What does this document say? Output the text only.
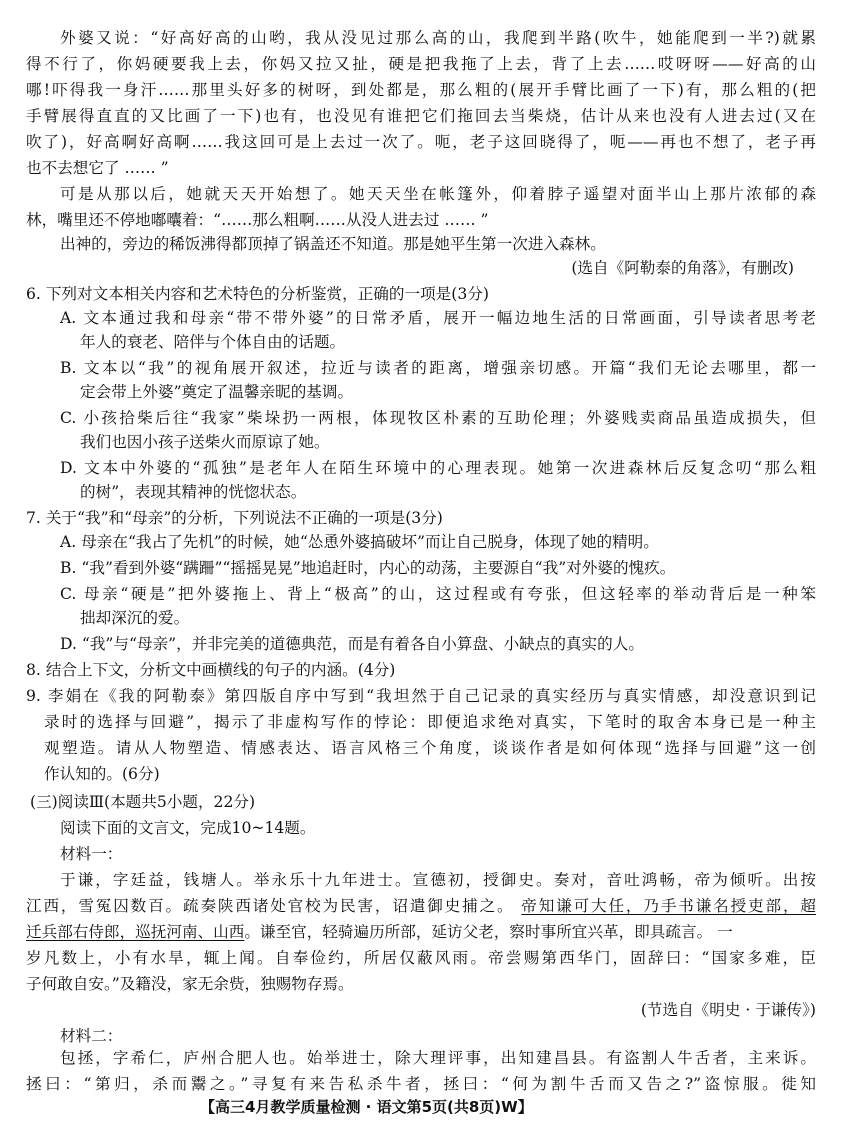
外婆又说：“好高好高的山哟，我从没见过那么高的山，我爬到半路(吹牛，她能爬到一半?)就累
得不行了，你妈硬要我上去，你妈又拉又扯，硬是把我拖了上去，背了上去……哎呀呀——好高的山
哪!吓得我一身汗……那里头好多的树呀，到处都是，那么粗的(展开手臂比画了一下)有，那么粗的(把
手臂展得直直的又比画了一下)也有，也没见有谁把它们拖回去当柴烧，估计从来也没有人进去过(又在
吹了)，好高啊好高啊……我这回可是上去过一次了。呃，老子这回晓得了，呃——再也不想了，老子再
也不去想它了 …… ”
可是从那以后，她就天天开始想了。她天天坐在帐篷外，仰着脖子遥望对面半山上那片浓郁的森
林，嘴里还不停地嘟囔着：“……那么粗啊……从没人进去过 …… ”
出神的，旁边的稀饭沸得都顶掉了锅盖还不知道。那是她平生第一次进入森林。
(选自《阿勒泰的角落》，有删改)
6. 下列对文本相关内容和艺术特色的分析鉴赏，正确的一项是(3分)
A. 文本通过我和母亲“带不带外婆”的日常矛盾，展开一幅边地生活的日常画面，引导读者思考老
年人的衰老、陪伴与个体自由的话题。
B. 文本以“我”的视角展开叙述，拉近与读者的距离，增强亲切感。开篇“我们无论去哪里，都一
定会带上外婆”奠定了温馨亲昵的基调。
C. 小孩拾柴后往“我家”柴垛扔一两根，体现牧区朴素的互助伦理；外婆贱卖商品虽造成损失，但
我们也因小孩子送柴火而原谅了她。
D. 文本中外婆的“孤独”是老年人在陌生环境中的心理表现。她第一次进森林后反复念叨“那么粗
的树”，表现其精神的恍惚状态。
7. 关于“我”和“母亲”的分析，下列说法不正确的一项是(3分)
A. 母亲在“我占了先机”的时候，她“怂恿外婆搞破坏”而让自己脱身，体现了她的精明。
B. “我”看到外婆“蹒跚”“摇摇晃晃”地追赶时，内心的动荡，主要源自“我”对外婆的愧疚。
C. 母亲“硬是”把外婆拖上、背上“极高”的山，这过程或有夸张，但这轻率的举动背后是一种笨
拙却深沉的爱。
D. “我”与“母亲”，并非完美的道德典范，而是有着各自小算盘、小缺点的真实的人。
8. 结合上下文，分析文中画横线的句子的内涵。(4分)
9. 李娟在《我的阿勒泰》第四版自序中写到“我坦然于自己记录的真实经历与真实情感，却没意识到记
录时的选择与回避”，揭示了非虚构写作的悖论：即便追求绝对真实，下笔时的取舍本身已是一种主
观塑造。请从人物塑造、情感表达、语言风格三个角度，谈谈作者是如何体现“选择与回避”这一创
作认知的。(6分)
(三)阅读Ⅲ(本题共5小题，22分)
阅读下面的文言文，完成10~14题。
材料一：
于谦，字廷益，钱塘人。举永乐十九年进士。宣德初，授御史。奏对，音吐鸿畅，帝为倾听。出按
江西，雪冤囚数百。疏奏陕西诸处官校为民害，诏遣御史捕之。 帝知谦可大任，乃手书谦名授吏部，超
迁兵部右侍郎，巡抚河南、山西。谦至官，轻骑遍历所部，延访父老，察时事所宜兴革，即具疏言。 一
岁凡数上，小有水旱，辄上闻。自奉俭约，所居仅蔽风雨。帝尝赐第西华门，固辞曰：“国家多难，臣
子何敢自安。”及籍没，家无余赀，独赐物存焉。
(节选自《明史 · 于谦传》)
材料二：
包拯，字希仁，庐州合肥人也。始举进士，除大理评事，出知建昌县。有盗割人牛舌者，主来诉。
拯曰：“第归，杀而鬻之。”寻复有来告私杀牛者，拯曰：“何为割牛舌而又告之?”盗惊服。徙知
【高三4月教学质量检测 · 语文第5页(共8页)W】
